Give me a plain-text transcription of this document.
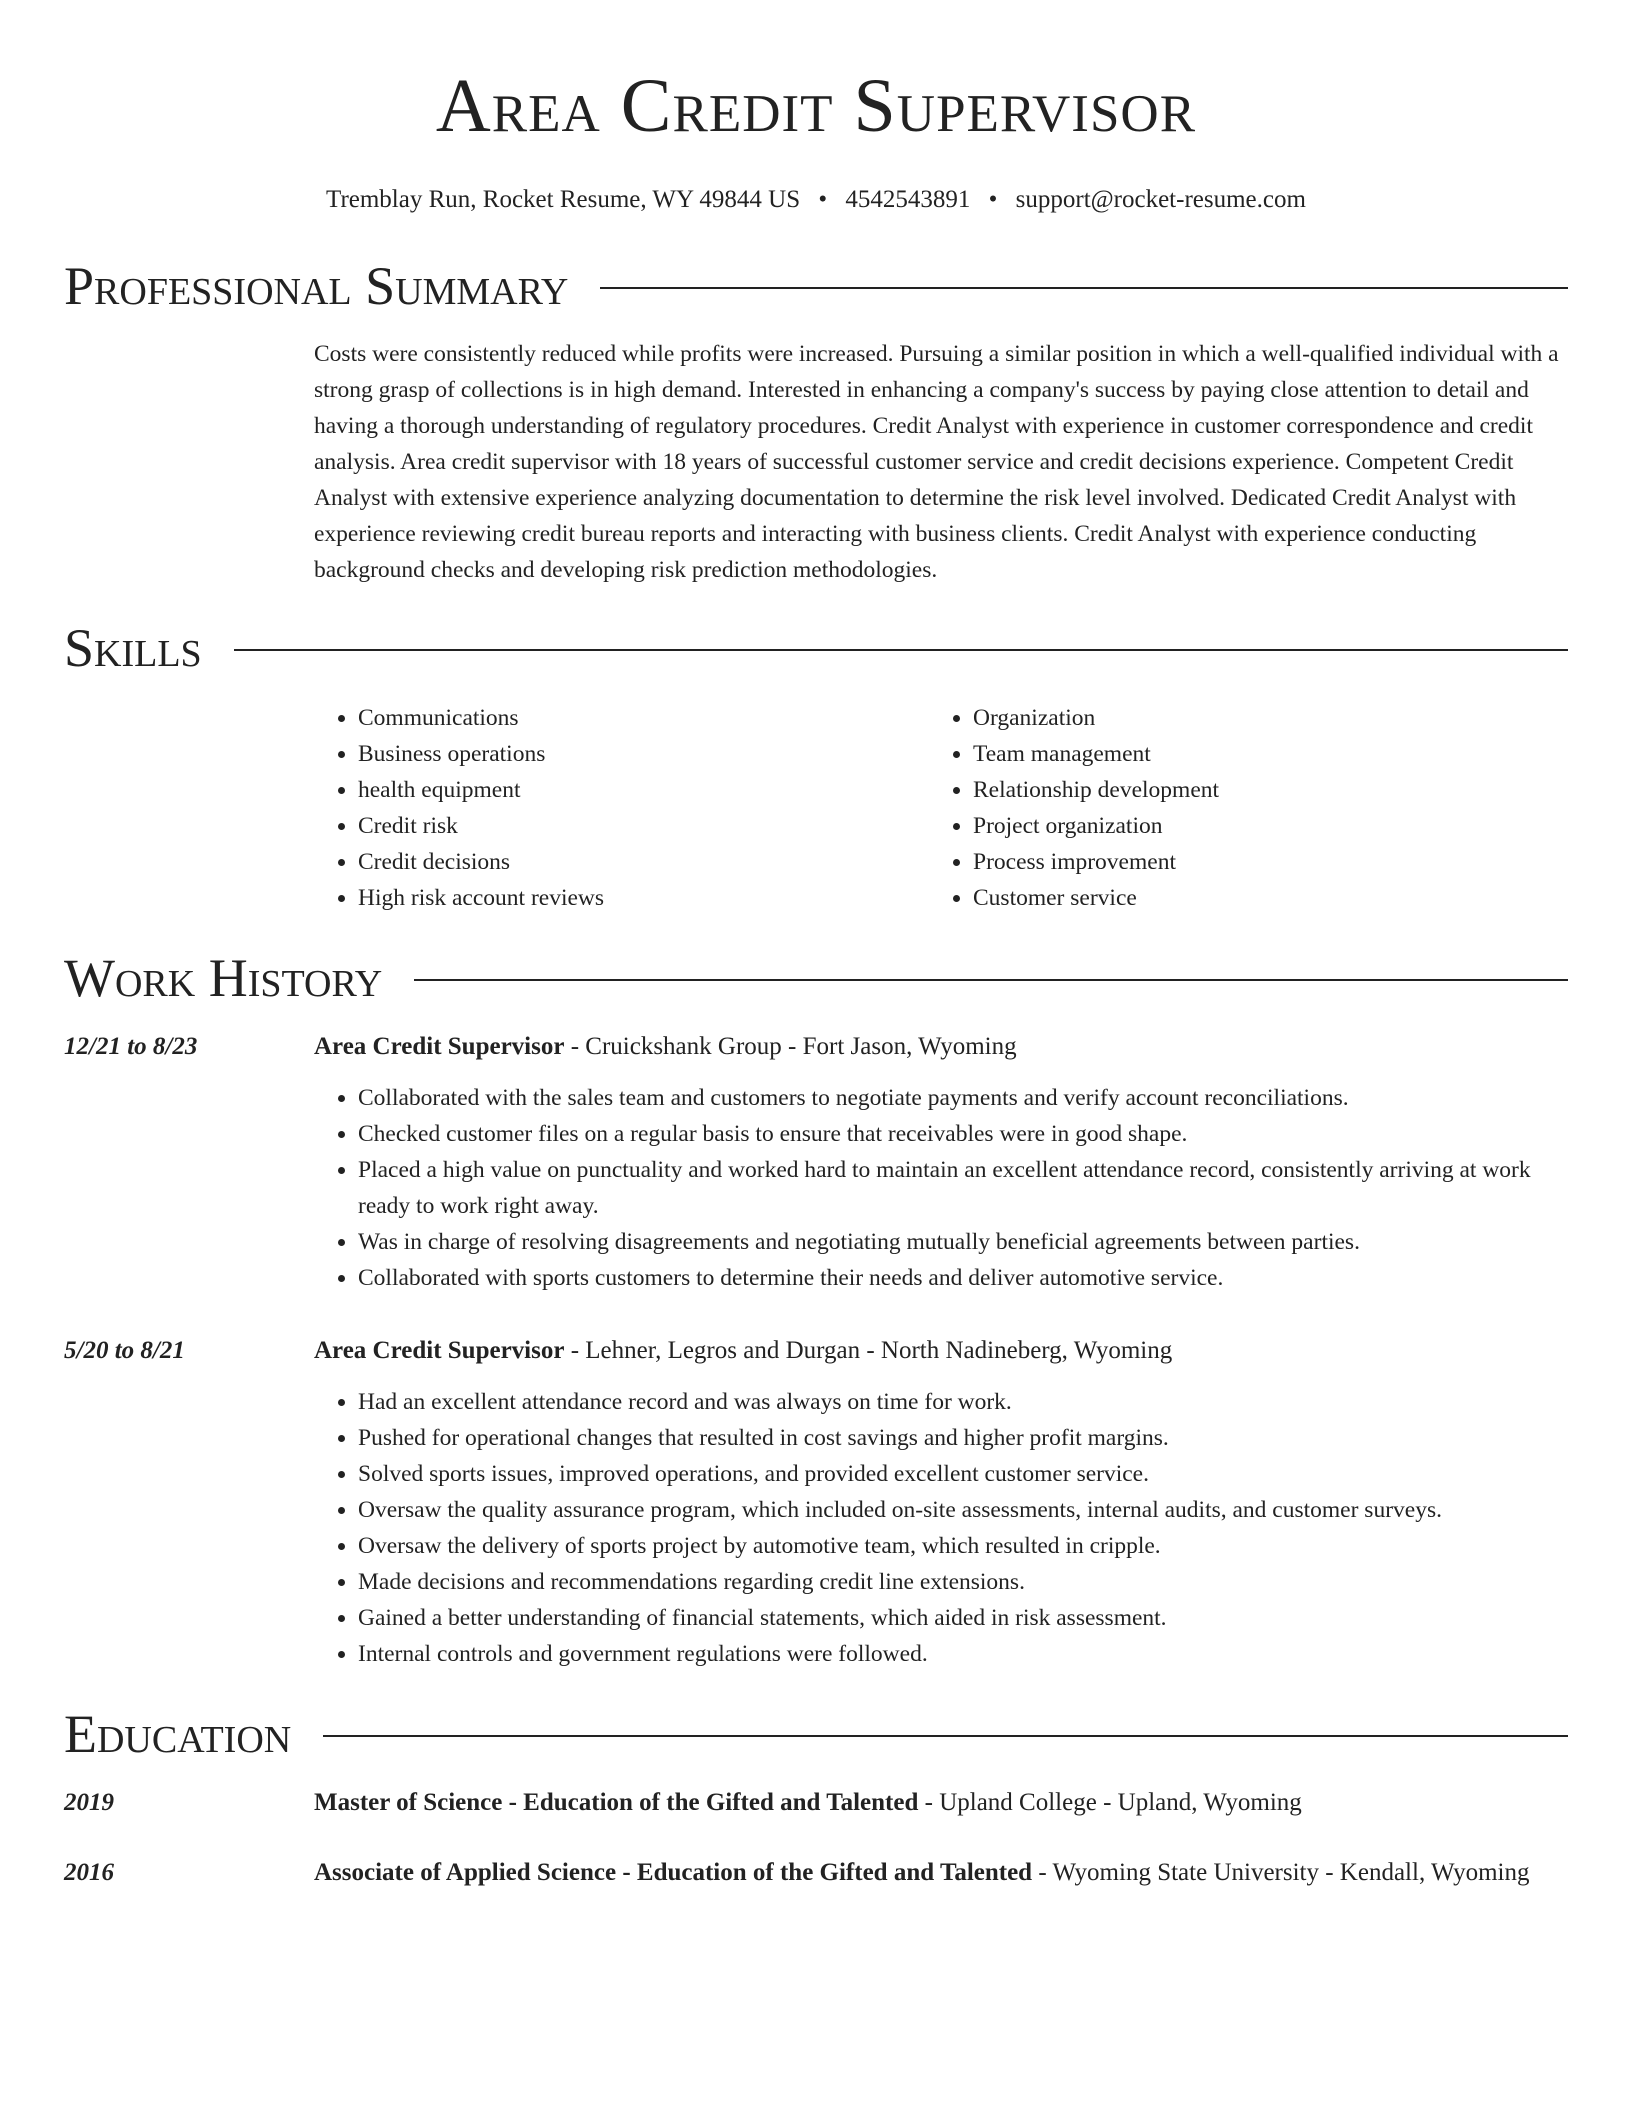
Area Credit Supervisor
Tremblay Run, Rocket Resume, WY 49844 US • 4542543891 • support@rocket-resume.com
Professional Summary
Costs were consistently reduced while profits were increased. Pursuing a similar position in which a well-qualified individual with a strong grasp of collections is in high demand. Interested in enhancing a company's success by paying close attention to detail and having a thorough understanding of regulatory procedures. Credit Analyst with experience in customer correspondence and credit analysis. Area credit supervisor with 18 years of successful customer service and credit decisions experience. Competent Credit Analyst with extensive experience analyzing documentation to determine the risk level involved. Dedicated Credit Analyst with experience reviewing credit bureau reports and interacting with business clients. Credit Analyst with experience conducting background checks and developing risk prediction methodologies.
Skills
• Communications
• Business operations
• health equipment
• Credit risk
• Credit decisions
• High risk account reviews
• Organization
• Team management
• Relationship development
• Project organization
• Process improvement
• Customer service
Work History
12/21 to 8/23	Area Credit Supervisor - Cruickshank Group - Fort Jason, Wyoming
• Collaborated with the sales team and customers to negotiate payments and verify account reconciliations.
• Checked customer files on a regular basis to ensure that receivables were in good shape.
• Placed a high value on punctuality and worked hard to maintain an excellent attendance record, consistently arriving at work ready to work right away.
• Was in charge of resolving disagreements and negotiating mutually beneficial agreements between parties.
• Collaborated with sports customers to determine their needs and deliver automotive service.
5/20 to 8/21	Area Credit Supervisor - Lehner, Legros and Durgan - North Nadineberg, Wyoming
• Had an excellent attendance record and was always on time for work.
• Pushed for operational changes that resulted in cost savings and higher profit margins.
• Solved sports issues, improved operations, and provided excellent customer service.
• Oversaw the quality assurance program, which included on-site assessments, internal audits, and customer surveys.
• Oversaw the delivery of sports project by automotive team, which resulted in cripple.
• Made decisions and recommendations regarding credit line extensions.
• Gained a better understanding of financial statements, which aided in risk assessment.
• Internal controls and government regulations were followed.
Education
2019	Master of Science - Education of the Gifted and Talented - Upland College - Upland, Wyoming
2016	Associate of Applied Science - Education of the Gifted and Talented - Wyoming State University - Kendall, Wyoming
